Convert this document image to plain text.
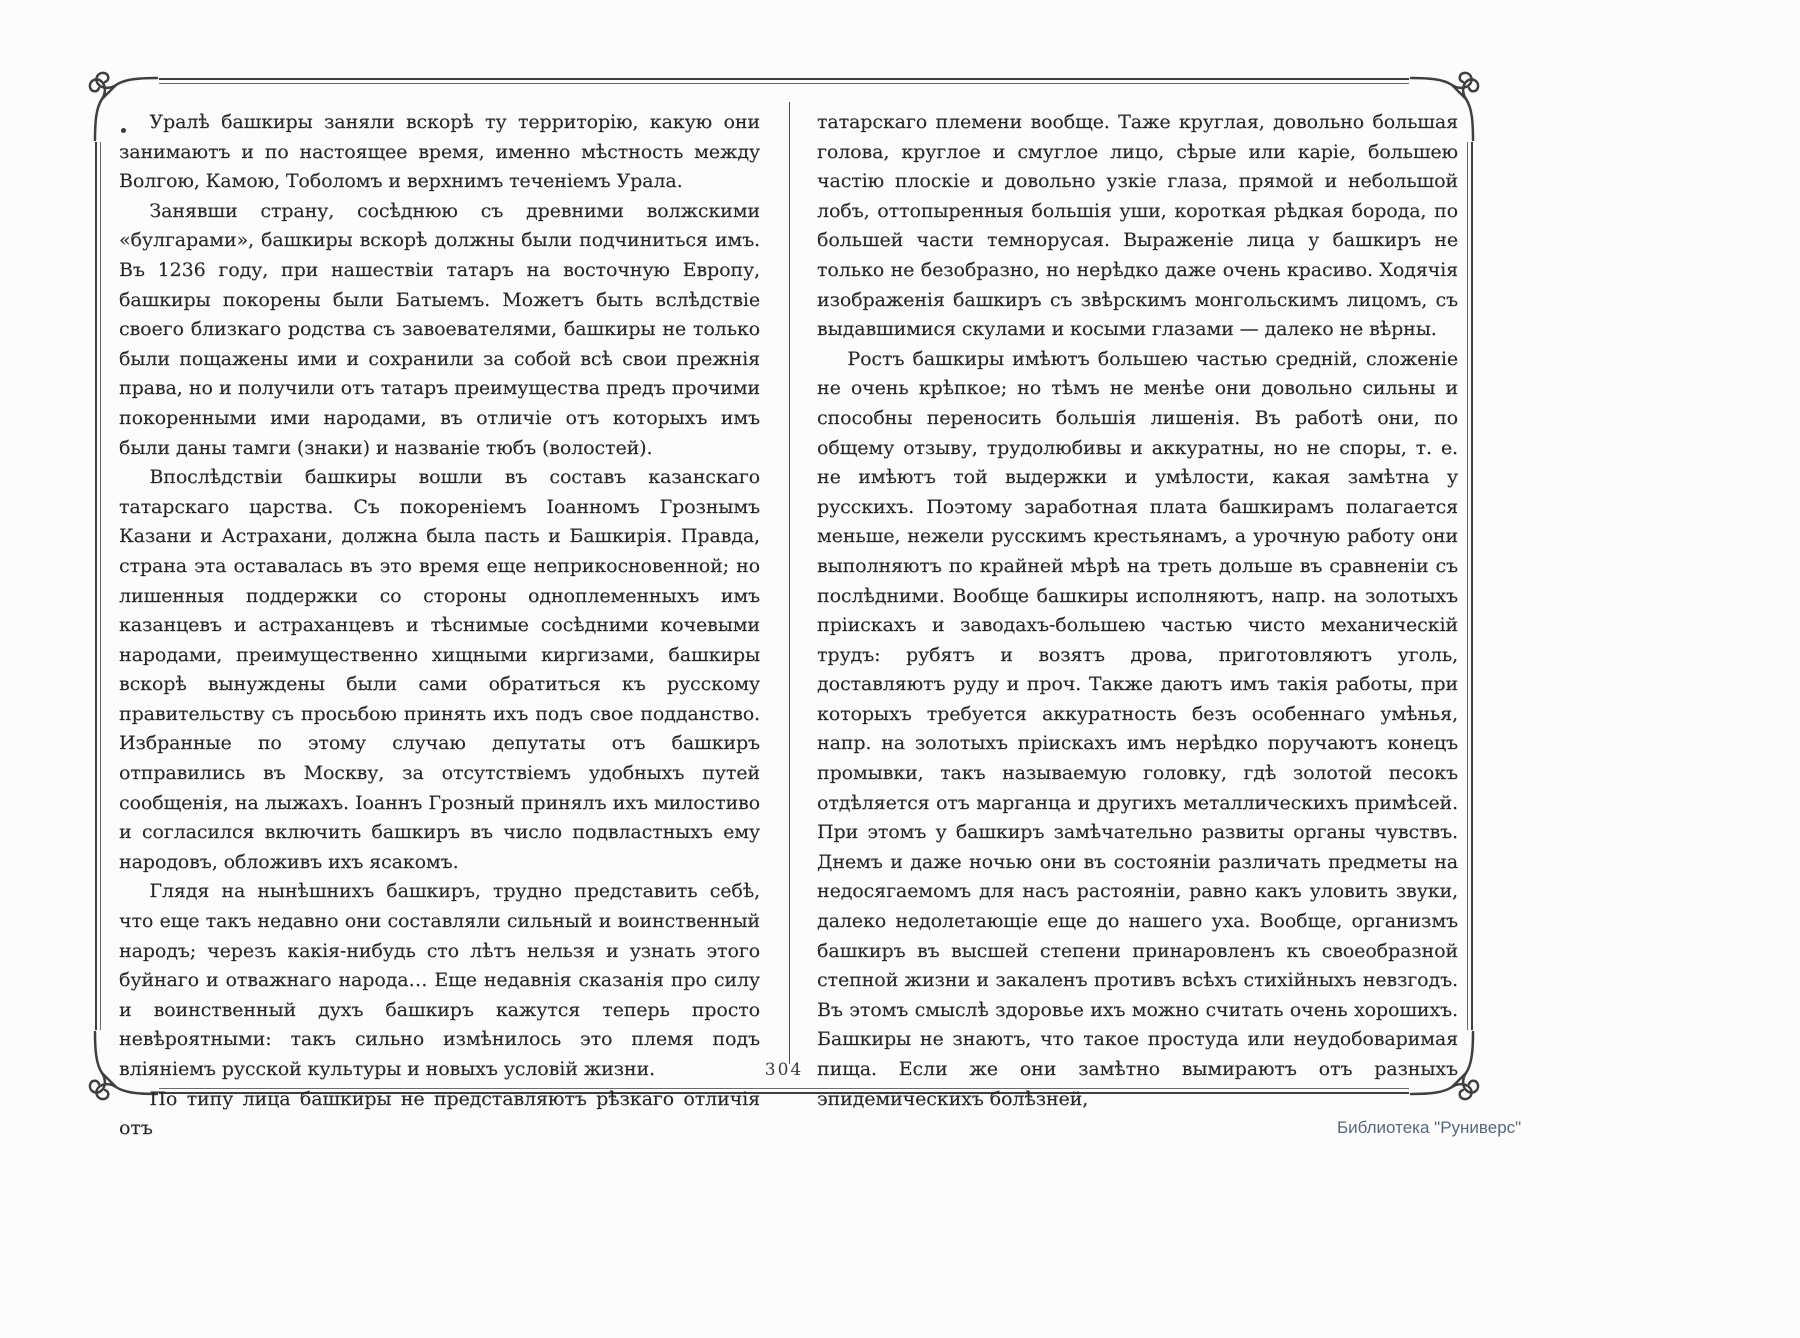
Уралѣ башкиры заняли вскорѣ ту территорію, какую они занимаютъ и по настоящее время, именно мѣстность между Волгою, Камою, Тоболомъ и верхнимъ теченіемъ Урала.

Занявши страну, сосѣднюю съ древними волжскими «булгарами», башкиры вскорѣ должны были подчиниться имъ. Въ 1236 году, при нашествіи татаръ на восточную Европу, башкиры покорены были Батыемъ. Можетъ быть вслѣдствіе своего близкаго родства съ завоевателями, башкиры не только были пощажены ими и сохранили за собой всѣ свои прежнія права, но и получили отъ татаръ преимущества предъ прочими покоренными ими народами, въ отличіе отъ которыхъ имъ были даны тамги (знаки) и названіе тюбъ (волостей).

Впослѣдствіи башкиры вошли въ составъ казанскаго татарскаго царства. Съ покореніемъ Іоанномъ Грознымъ Казани и Астрахани, должна была пасть и Башкирія. Правда, страна эта оставалась въ это время еще неприкосновенной; но лишенныя поддержки со стороны одноплеменныхъ имъ казанцевъ и астраханцевъ и тѣснимые сосѣдними кочевыми народами, преимущественно хищными киргизами, башкиры вскорѣ вынуждены были сами обратиться къ русскому правительству съ просьбою принять ихъ подъ свое подданство. Избранные по этому случаю депутаты отъ башкиръ отправились въ Москву, за отсутствіемъ удобныхъ путей сообщенія, на лыжахъ. Іоаннъ Грозный принялъ ихъ милостиво и согласился включить башкиръ въ число подвластныхъ ему народовъ, обложивъ ихъ ясакомъ.

Глядя на нынѣшнихъ башкиръ, трудно представить себѣ, что еще такъ недавно они составляли сильный и воинственный народъ; черезъ какія-нибудь сто лѣтъ нельзя и узнать этого буйнаго и отважнаго народа… Еще недавнія сказанія про силу и воинственный духъ башкиръ кажутся теперь просто невѣроятными: такъ сильно измѣнилось это племя подъ вліяніемъ русской культуры и новыхъ условій жизни.

По типу лица башкиры не представляютъ рѣзкаго отличія отъ

татарскаго племени вообще. Таже круглая, довольно большая голова, круглое и смуглое лицо, сѣрые или каріе, большею частію плоскіе и довольно узкіе глаза, прямой и небольшой лобъ, оттопыренныя большія уши, короткая рѣдкая борода, по большей части темнорусая. Выраженіе лица у башкиръ не только не безобразно, но нерѣдко даже очень красиво. Ходячія изображенія башкиръ съ звѣрскимъ монгольскимъ лицомъ, съ выдавшимися скулами и косыми глазами — далеко не вѣрны.

Ростъ башкиры имѣютъ большею частью средній, сложеніе не очень крѣпкое; но тѣмъ не менѣе они довольно сильны и способны переносить большія лишенія. Въ работѣ они, по общему отзыву, трудолюбивы и аккуратны, но не споры, т. е. не имѣютъ той выдержки и умѣлости, какая замѣтна у русскихъ. Поэтому заработная плата башкирамъ полагается меньше, нежели русскимъ крестьянамъ, а урочную работу они выполняютъ по крайней мѣрѣ на треть дольше въ сравненіи съ послѣдними. Вообще башкиры исполняютъ, напр. на золотыхъ пріискахъ и заводахъ-большею частью чисто механическій трудъ: рубятъ и возятъ дрова, приготовляютъ уголь, доставляютъ руду и проч. Также даютъ имъ такія работы, при которыхъ требуется аккуратность безъ особеннаго умѣнья, напр. на золотыхъ пріискахъ имъ нерѣдко поручаютъ конецъ промывки, такъ называемую головку, гдѣ золотой песокъ отдѣляется отъ марганца и другихъ металлическихъ примѣсей. При этомъ у башкиръ замѣчательно развиты органы чувствъ. Днемъ и даже ночью они въ состояніи различать предметы на недосягаемомъ для насъ растояніи, равно какъ уловить звуки, далеко недолетающіе еще до нашего уха. Вообще, организмъ башкиръ въ высшей степени принаровленъ къ своеобразной степной жизни и закаленъ противъ всѣхъ стихійныхъ невзгодъ. Въ этомъ смыслѣ здоровье ихъ можно считать очень хорошихъ. Башкиры не знаютъ, что такое простуда или неудобоваримая пища. Если же они замѣтно вымираютъ отъ разныхъ эпидемическихъ болѣзней,

304
Библиотека "Руниверс"
